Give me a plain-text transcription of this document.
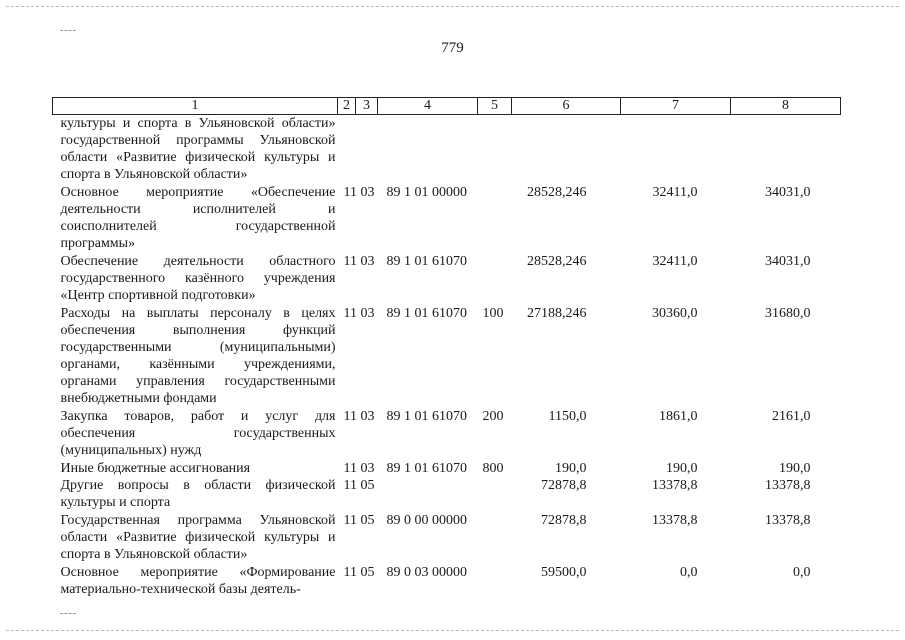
779
1	2	3	4	5	6	7	8
культуры и спорта в Ульяновской области» государственной программы Ульяновской области «Развитие физической культуры и спорта в Ульяновской области»							
Основное мероприятие «Обеспечение деятельности исполнителей и соисполнителей государственной программы»	11	03	89 1 01 00000		28528,246	32411,0	34031,0
Обеспечение деятельности областного государственного казённого учреждения «Центр спортивной подготовки»	11	03	89 1 01 61070		28528,246	32411,0	34031,0
Расходы на выплаты персоналу в целях обеспечения выполнения функций государственными (муниципальными) органами, казёнными учреждениями, органами управления государственными внебюджетными фондами	11	03	89 1 01 61070	100	27188,246	30360,0	31680,0
Закупка товаров, работ и услуг для обеспечения государственных (муниципальных) нужд	11	03	89 1 01 61070	200	1150,0	1861,0	2161,0
Иные бюджетные ассигнования	11	03	89 1 01 61070	800	190,0	190,0	190,0
Другие вопросы в области физической культуры и спорта	11	05			72878,8	13378,8	13378,8
Государственная программа Ульяновской области «Развитие физической культуры и спорта в Ульяновской области»	11	05	89 0 00 00000		72878,8	13378,8	13378,8
Основное мероприятие «Формирование материально-технической базы деятель-	11	05	89 0 03 00000		59500,0	0,0	0,0
